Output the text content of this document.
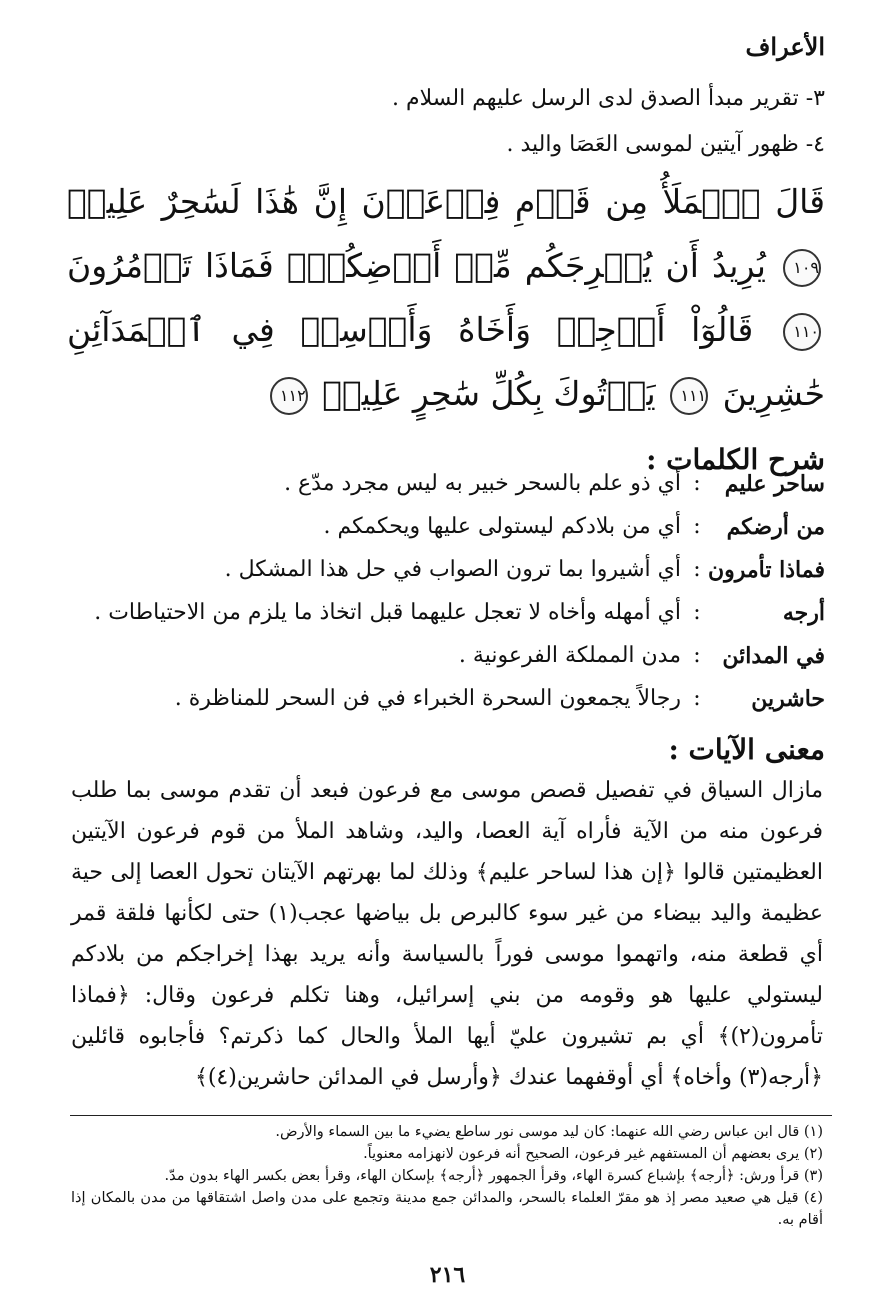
الأعراف
٣- تقرير مبدأ الصدق لدى الرسل عليهم السلام .
٤- ظهور آيتين لموسى العَصَا واليد .
قَالَ ٱلۡمَلَأُ مِن قَوۡمِ فِرۡعَوۡنَ إِنَّ هَٰذَا لَسَٰحِرٌ عَلِيمٞ ١٠٩ يُرِيدُ أَن يُخۡرِجَكُم مِّنۡ أَرۡضِكُمۡۖ فَمَاذَا تَأۡمُرُونَ ١١٠ قَالُوٓاْ أَرۡجِهۡ وَأَخَاهُ وَأَرۡسِلۡ فِي ٱلۡمَدَآئِنِ حَٰشِرِينَ ١١١ يَأۡتُوكَ بِكُلِّ سَٰحِرٍ عَلِيمٖ ١١٢
شرح الكلمات :
ساحر عليم
:
أي ذو علم بالسحر خبير به ليس مجرد مدّع .
من أرضكم
:
أي من بلادكم ليستولى عليها ويحكمكم .
فماذا تأمرون
:
أي أشيروا بما ترون الصواب في حل هذا المشكل .
أرجه
:
أي أمهله وأخاه لا تعجل عليهما قبل اتخاذ ما يلزم من الاحتياطات .
في المدائن
:
مدن المملكة الفرعونية .
حاشرين
:
رجالاً يجمعون السحرة الخبراء في فن السحر للمناظرة .
معنى الآيات :
مازال السياق في تفصيل قصص موسى مع فرعون فبعد أن تقدم موسى بما طلب فرعون منه من الآية فأراه آية العصا، واليد، وشاهد الملأ من قوم فرعون الآيتين العظيمتين قالوا ﴿إن هذا لساحر عليم﴾ وذلك لما بهرتهم الآيتان تحول العصا إلى حية عظيمة واليد بيضاء من غير سوء كالبرص بل بياضها عجب(١) حتى لكأنها فلقة قمر أي قطعة منه، واتهموا موسى فوراً بالسياسة وأنه يريد بهذا إخراجكم من بلادكم ليستولي عليها هو وقومه من بني إسرائيل، وهنا تكلم فرعون وقال: ﴿فماذا تأمرون(٢)﴾ أي بم تشيرون عليّ أيها الملأ والحال كما ذكرتم؟ فأجابوه قائلين ﴿أرجه(٣) وأخاه﴾ أي أوقفهما عندك ﴿وأرسل في المدائن حاشرين(٤)﴾
(١) قال ابن عباس رضي الله عنهما: كان ليد موسى نور ساطع يضيء ما بين السماء والأرض.
(٢) يرى بعضهم أن المستفهم غير فرعون، الصحيح أنه فرعون لانهزامه معنوياً.
(٣) قرأ ورش: ﴿أرجه﴾ بإشباع كسرة الهاء، وقرأ الجمهور ﴿أرجه﴾ بإسكان الهاء، وقرأ بعض بكسر الهاء بدون مدّ.
(٤) قيل هي صعيد مصر إذ هو مقرّ العلماء بالسحر، والمدائن جمع مدينة وتجمع على مدن واصل اشتقاقها من مدن بالمكان إذا أقام به.
٢١٦
